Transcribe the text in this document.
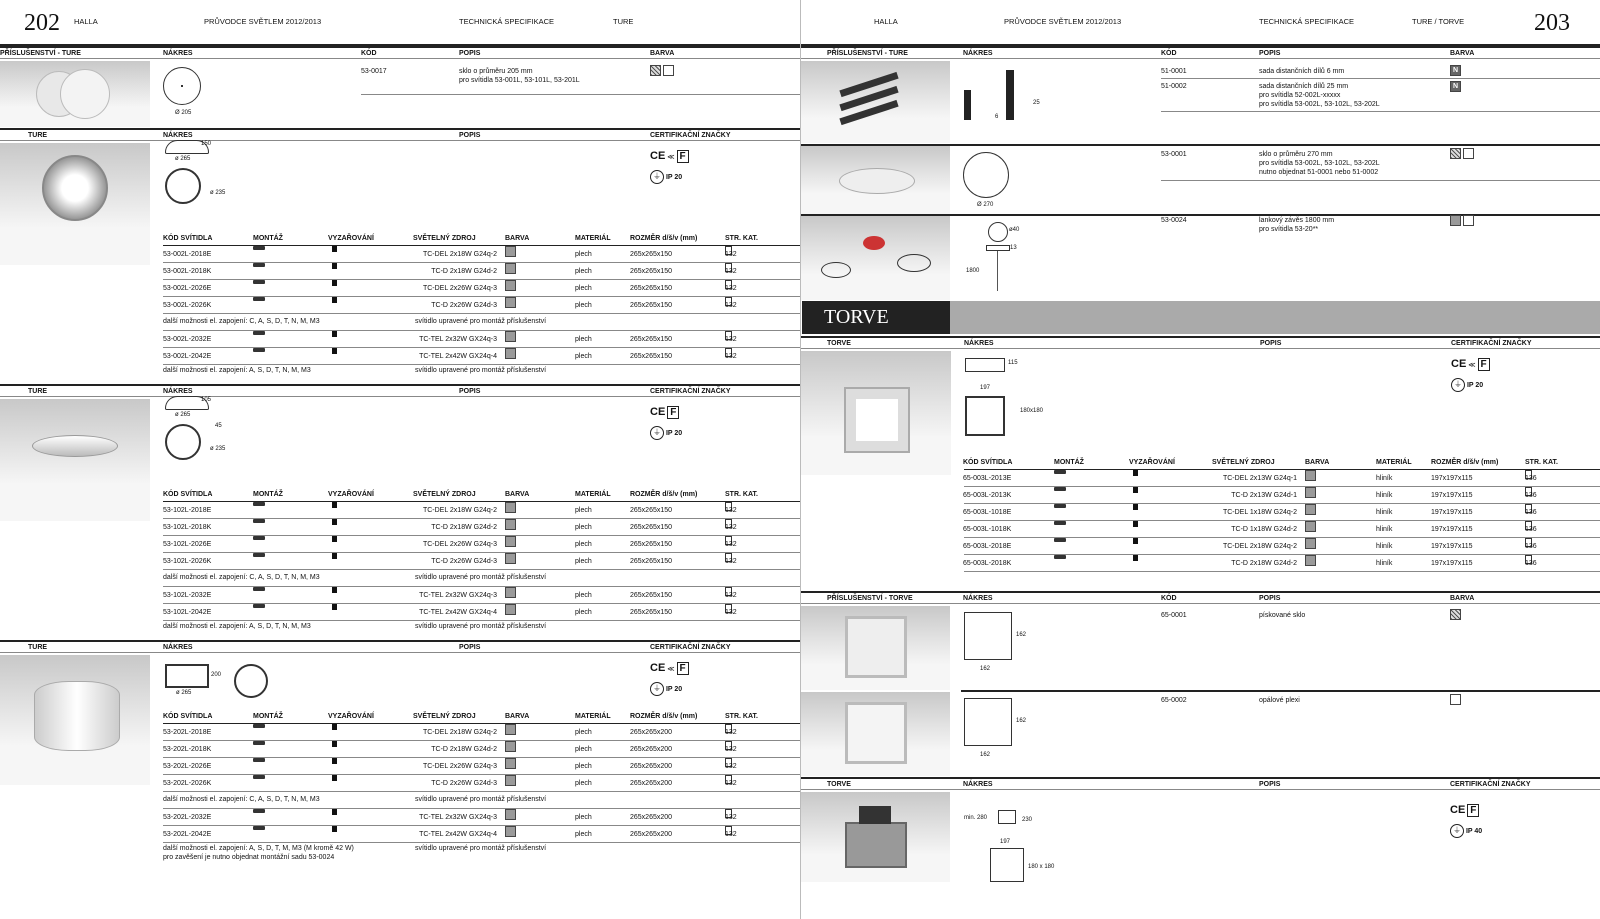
202 HALLA	PRŮVODCE SVĚTLEM 2012/2013	TECHNICKÁ SPECIFIKACE	TURE	HALLA	PRŮVODCE SVĚTLEM 2012/2013	TECHNICKÁ SPECIFIKACE	TURE / TORVE	203
PŘÍSLUŠENSTVÍ - TURE	NÁKRES	KÓD	POPIS	BARVA
Ø 205
53-0017	sklo o průměru 205 mm
pro svítidla 53-001L, 53-101L, 53-201L
TURE	NÁKRES	POPIS	CERTIFIKAČNÍ ZNAČKY
150
ø 265
ø 235
CE ≪ F
⏚ IP 20
KÓD SVÍTIDLA	MONTÁŽ	VYZAŘOVÁNÍ	SVĚTELNÝ ZDROJ	BARVA	MATERIÁL	ROZMĚR d/š/v (mm)	STR. KAT.
53-002L-2018E	TC-DEL 2x18W G24q-2	plech	265x265x150	132
53-002L-2018K	TC-D 2x18W G24d-2	plech	265x265x150	132
53-002L-2026E	TC-DEL 2x26W G24q-3	plech	265x265x150	132
53-002L-2026K	TC-D 2x26W G24d-3	plech	265x265x150	132
další možnosti el. zapojení: C, A, S, D, T, N, M, M3	svítidlo upravené pro montáž příslušenství
53-002L-2032E	TC-TEL 2x32W GX24q-3	plech	265x265x150	132
53-002L-2042E	TC-TEL 2x42W GX24q-4	plech	265x265x150	132
další možnosti el. zapojení: A, S, D, T, N, M, M3	svítidlo upravené pro montáž příslušenství
TURE	NÁKRES	POPIS	CERTIFIKAČNÍ ZNAČKY
105
ø 265
ø 235
45
CE F
⏚ IP 20
KÓD SVÍTIDLA	MONTÁŽ	VYZAŘOVÁNÍ	SVĚTELNÝ ZDROJ	BARVA	MATERIÁL	ROZMĚR d/š/v (mm)	STR. KAT.
53-102L-2018E	TC-DEL 2x18W G24q-2	plech	265x265x150	132
53-102L-2018K	TC-D 2x18W G24d-2	plech	265x265x150	132
53-102L-2026E	TC-DEL 2x26W G24q-3	plech	265x265x150	132
53-102L-2026K	TC-D 2x26W G24d-3	plech	265x265x150	132
další možnosti el. zapojení: C, A, S, D, T, N, M, M3	svítidlo upravené pro montáž příslušenství
53-102L-2032E	TC-TEL 2x32W GX24q-3	plech	265x265x150	132
53-102L-2042E	TC-TEL 2x42W GX24q-4	plech	265x265x150	132
další možnosti el. zapojení: A, S, D, T, N, M, M3	svítidlo upravené pro montáž příslušenství
TURE	NÁKRES	POPIS	CERTIFIKAČNÍ ZNAČKY
200
ø 265
CE ≪ F
⏚ IP 20
KÓD SVÍTIDLA	MONTÁŽ	VYZAŘOVÁNÍ	SVĚTELNÝ ZDROJ	BARVA	MATERIÁL	ROZMĚR d/š/v (mm)	STR. KAT.
53-202L-2018E	TC-DEL 2x18W G24q-2	plech	265x265x200	132
53-202L-2018K	TC-D 2x18W G24d-2	plech	265x265x200	132
53-202L-2026E	TC-DEL 2x26W G24q-3	plech	265x265x200	132
53-202L-2026K	TC-D 2x26W G24d-3	plech	265x265x200	132
další možnosti el. zapojení: C, A, S, D, T, N, M, M3	svítidlo upravené pro montáž příslušenství
53-202L-2032E	TC-TEL 2x32W GX24q-3	plech	265x265x200	132
53-202L-2042E	TC-TEL 2x42W GX24q-4	plech	265x265x200	132
další možnosti el. zapojení: A, S, D, T, M, M3 (M kromě 42 W)	svítidlo upravené pro montáž příslušenství
pro zavěšení je nutno objednat montážní sadu 53-0024
PŘÍSLUŠENSTVÍ - TURE	NÁKRES	KÓD	POPIS	BARVA
6
25
51-0001	sada distančních dílů 6 mm	N
51-0002	sada distančních dílů 25 mm
pro svítidla 52-002L-xxxxx
pro svítidla 53-002L, 53-102L, 53-202L
N
Ø 270
53-0001	sklo o průměru 270 mm
pro svítidla 53-002L, 53-102L, 53-202L
nutno objednat 51-0001 nebo 51-0002
ø40
13
1800
53-0024	lankový závěs 1800 mm
pro svítidla 53-20**
TORVE
TORVE	NÁKRES	POPIS	CERTIFIKAČNÍ ZNAČKY
115
197
180x180
CE ≪ F
⏚ IP 20
KÓD SVÍTIDLA	MONTÁŽ	VYZAŘOVÁNÍ	SVĚTELNÝ ZDROJ	BARVA	MATERIÁL	ROZMĚR d/š/v (mm)	STR. KAT.
65-003L-2013E	TC-DEL 2x13W G24q-1	hliník	197x197x115	136
65-003L-2013K	TC-D 2x13W G24d-1	hliník	197x197x115	136
65-003L-1018E	TC-DEL 1x18W G24q-2	hliník	197x197x115	136
65-003L-1018K	TC-D 1x18W G24d-2	hliník	197x197x115	136
65-003L-2018E	TC-DEL 2x18W G24q-2	hliník	197x197x115	136
65-003L-2018K	TC-D 2x18W G24d-2	hliník	197x197x115	136
PŘÍSLUŠENSTVÍ - TORVE	NÁKRES	KÓD	POPIS	BARVA
162
162
65-0001	pískované sklo
162
162
65-0002	opálové plexi
TORVE	NÁKRES	POPIS	CERTIFIKAČNÍ ZNAČKY
min. 280	230
197
180 x 180
CE F
⏚ IP 40
